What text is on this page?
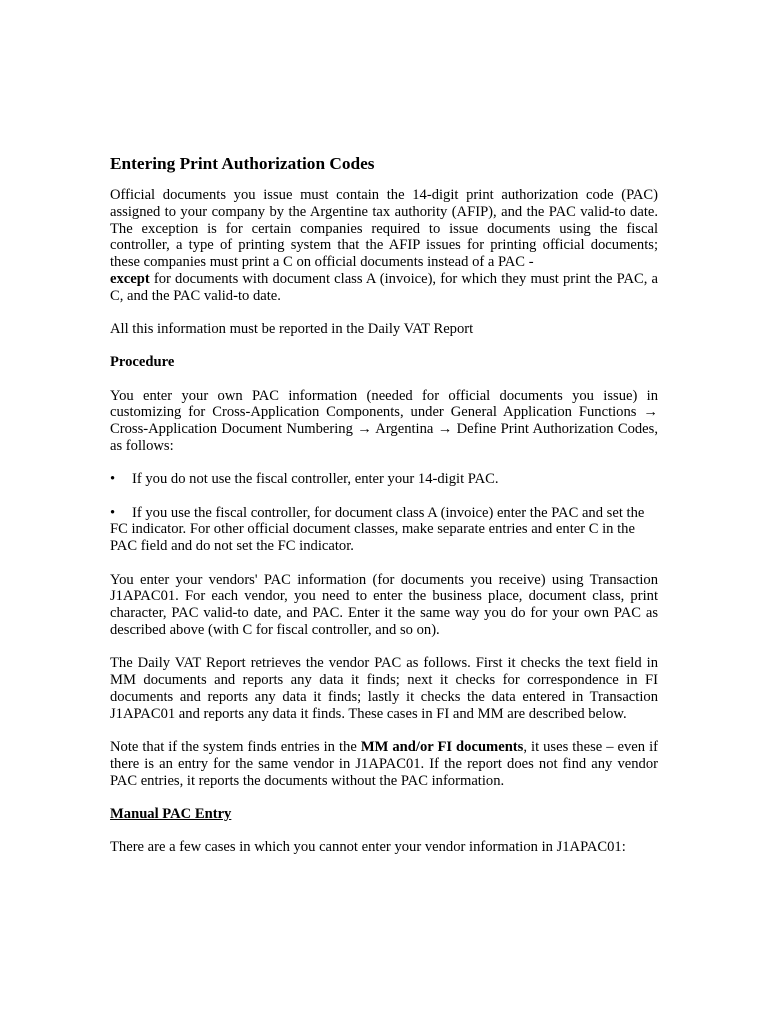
Entering Print Authorization Codes

Official documents you issue must contain the 14-digit print authorization code (PAC) assigned to your company by the Argentine tax authority (AFIP), and the PAC valid-to date. The exception is for certain companies required to issue documents using the fiscal controller, a type of printing system that the AFIP issues for printing official documents; these companies must print a C on official documents instead of a PAC -
except for documents with document class A (invoice), for which they must print the PAC, a C, and the PAC valid-to date.

All this information must be reported in the Daily VAT Report

Procedure

You enter your own PAC information (needed for official documents you issue) in customizing for Cross-Application Components, under General Application Functions → Cross-Application Document Numbering → Argentina → Define Print Authorization Codes, as follows:

• If you do not use the fiscal controller, enter your 14-digit PAC.

• If you use the fiscal controller, for document class A (invoice) enter the PAC and set the FC indicator. For other official document classes, make separate entries and enter C in the PAC field and do not set the FC indicator.

You enter your vendors' PAC information (for documents you receive) using Transaction J1APAC01. For each vendor, you need to enter the business place, document class, print character, PAC valid-to date, and PAC. Enter it the same way you do for your own PAC as described above (with C for fiscal controller, and so on).

The Daily VAT Report retrieves the vendor PAC as follows. First it checks the text field in MM documents and reports any data it finds; next it checks for correspondence in FI documents and reports any data it finds; lastly it checks the data entered in Transaction J1APAC01 and reports any data it finds. These cases in FI and MM are described below.

Note that if the system finds entries in the MM and/or FI documents, it uses these – even if there is an entry for the same vendor in J1APAC01. If the report does not find any vendor PAC entries, it reports the documents without the PAC information.

Manual PAC Entry

There are a few cases in which you cannot enter your vendor information in J1APAC01:
